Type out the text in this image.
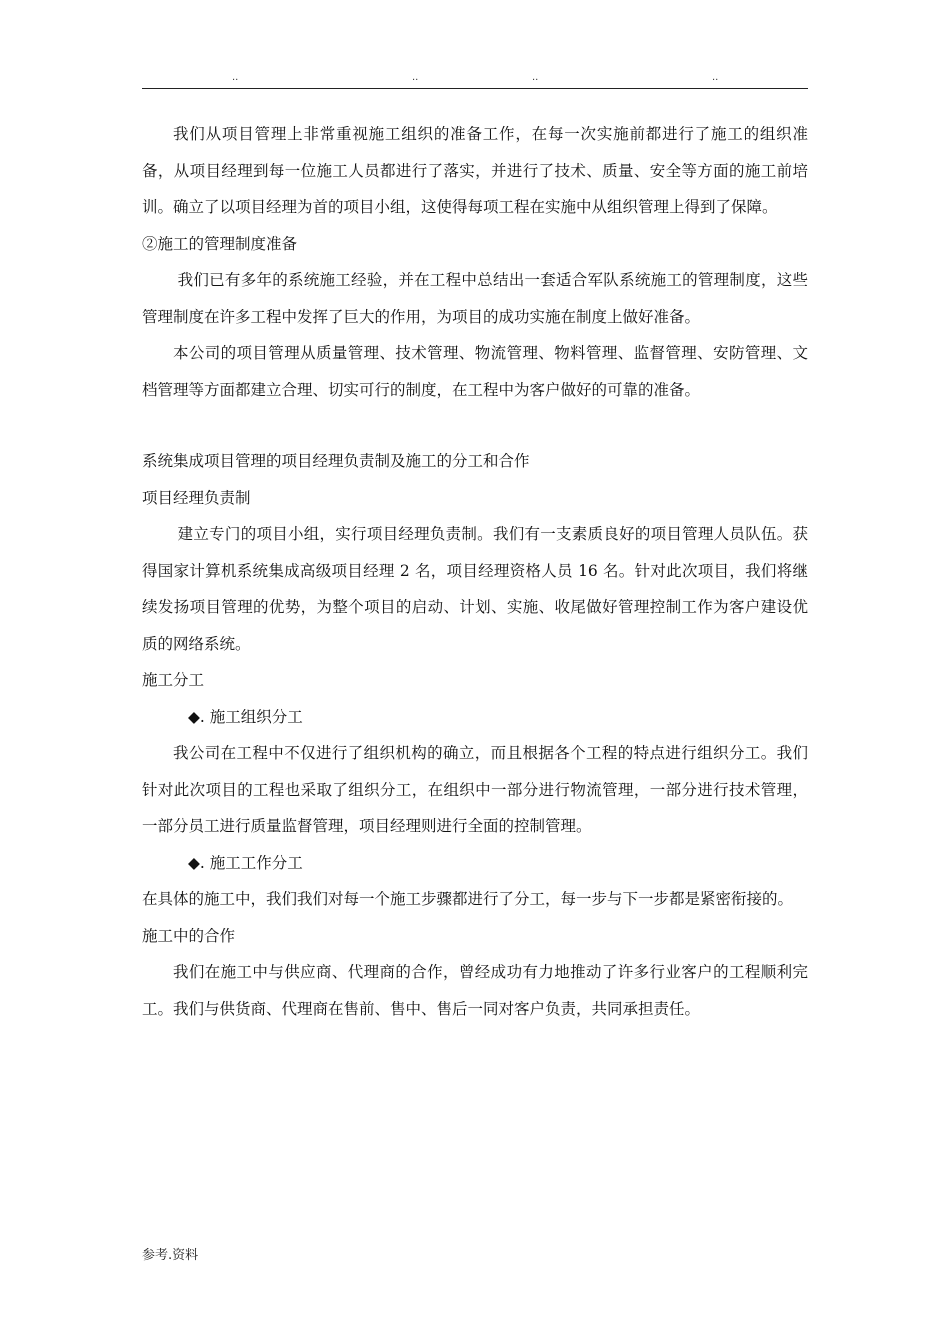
..	..	..	..

我们从项目管理上非常重视施工组织的准备工作，在每一次实施前都进行了施工的组织准备，从项目经理到每一位施工人员都进行了落实，并进行了技术、质量、安全等方面的施工前培训。确立了以项目经理为首的项目小组，这使得每项工程在实施中从组织管理上得到了保障。

②施工的管理制度准备

我们已有多年的系统施工经验，并在工程中总结出一套适合军队系统施工的管理制度，这些管理制度在许多工程中发挥了巨大的作用，为项目的成功实施在制度上做好准备。

本公司的项目管理从质量管理、技术管理、物流管理、物料管理、监督管理、安防管理、文档管理等方面都建立合理、切实可行的制度，在工程中为客户做好的可靠的准备。

系统集成项目管理的项目经理负责制及施工的分工和合作

项目经理负责制

建立专门的项目小组，实行项目经理负责制。我们有一支素质良好的项目管理人员队伍。获得国家计算机系统集成高级项目经理 2 名，项目经理资格人员 16 名。针对此次项目，我们将继续发扬项目管理的优势，为整个项目的启动、计划、实施、收尾做好管理控制工作为客户建设优质的网络系统。

施工分工

◆. 施工组织分工

我公司在工程中不仅进行了组织机构的确立，而且根据各个工程的特点进行组织分工。我们针对此次项目的工程也采取了组织分工，在组织中一部分进行物流管理，一部分进行技术管理，一部分员工进行质量监督管理，项目经理则进行全面的控制管理。

◆. 施工工作分工

在具体的施工中，我们我们对每一个施工步骤都进行了分工，每一步与下一步都是紧密衔接的。

施工中的合作

我们在施工中与供应商、代理商的合作，曾经成功有力地推动了许多行业客户的工程顺利完工。我们与供货商、代理商在售前、售中、售后一同对客户负责，共同承担责任。

参考.资料
